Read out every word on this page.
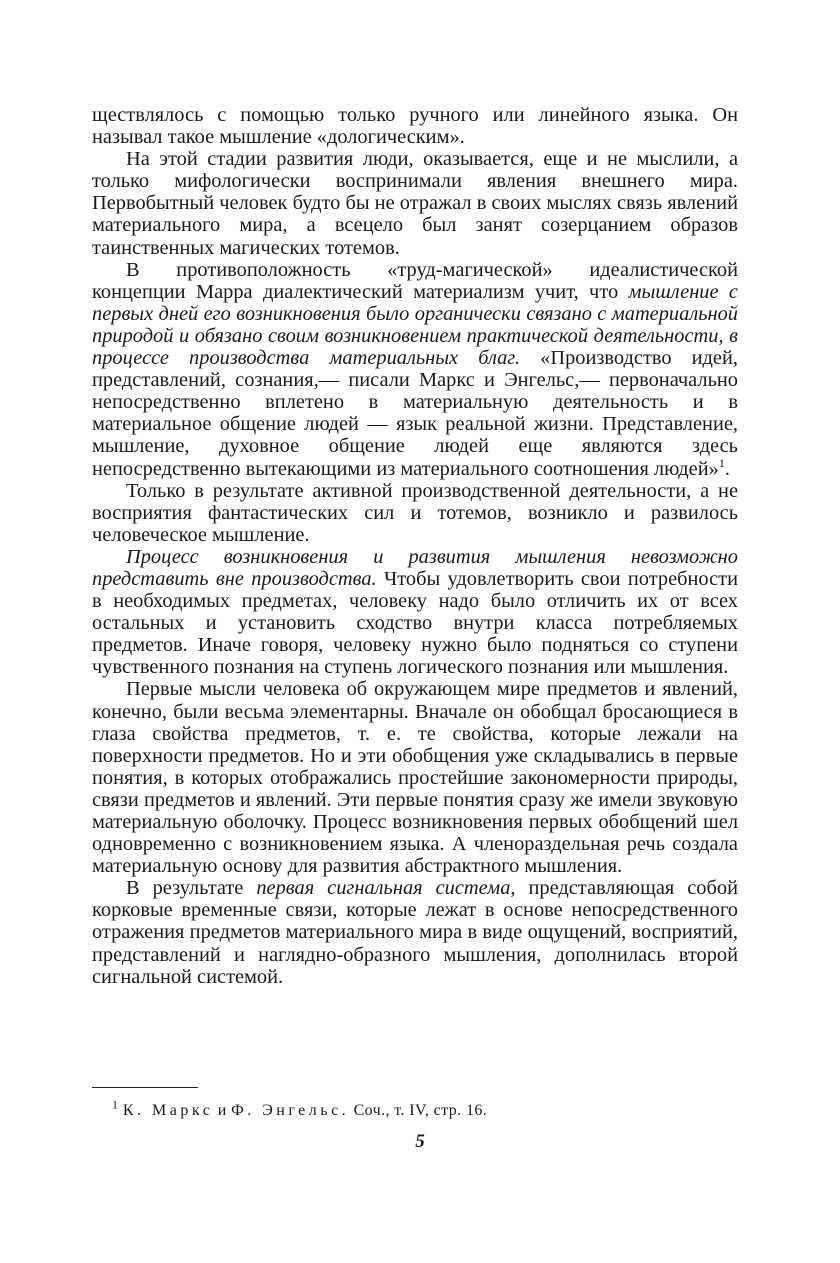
ществлялось с помощью только ручного или линейного языка. Он называл такое мышление «дологическим».

На этой стадии развития люди, оказывается, еще и не мыслили, а только мифологически воспринимали явления внешнего мира. Первобытный человек будто бы не отражал в своих мыслях связь явлений материального мира, а всецело был занят созерцанием образов таинственных магических тотемов.

В противоположность «труд-магической» идеалистической концепции Марра диалектический материализм учит, что мышление с первых дней его возникновения было органически связано с материальной природой и обязано своим возникновением практической деятельности, в процессе производства материальных благ. «Производство идей, представлений, сознания,— писали Маркс и Энгельс,— первоначально непосредственно вплетено в материальную деятельность и в материальное общение людей — язык реальной жизни. Представление, мышление, духовное общение людей еще являются здесь непосредственно вытекающими из материального соотношения людей»$^1$.

Только в результате активной производственной деятельности, а не восприятия фантастических сил и тотемов, возникло и развилось человеческое мышление.

Процесс возникновения и развития мышления невозможно представить вне производства. Чтобы удовлетворить свои потребности в необходимых предметах, человеку надо было отличить их от всех остальных и установить сходство внутри класса потребляемых предметов. Иначе говоря, человеку нужно было подняться со ступени чувственного познания на ступень логического познания или мышления.

Первые мысли человека об окружающем мире предметов и явлений, конечно, были весьма элементарны. Вначале он обобщал бросающиеся в глаза свойства предметов, т. е. те свойства, которые лежали на поверхности предметов. Но и эти обобщения уже складывались в первые понятия, в которых отображались простейшие закономерности природы, связи предметов и явлений. Эти первые понятия сразу же имели звуковую материальную оболочку. Процесс возникновения первых обобщений шел одновременно с возникновением языка. А членораздельная речь создала материальную основу для развития абстрактного мышления.

В результате первая сигнальная система, представляющая собой корковые временные связи, которые лежат в основе непосредственного отражения предметов материального мира в виде ощущений, восприятий, представлений и наглядно-образного мышления, дополнилась второй сигнальной системой.

$^1$ К. Маркс и Ф. Энгельс. Соч., т. IV, стр. 16.
5
